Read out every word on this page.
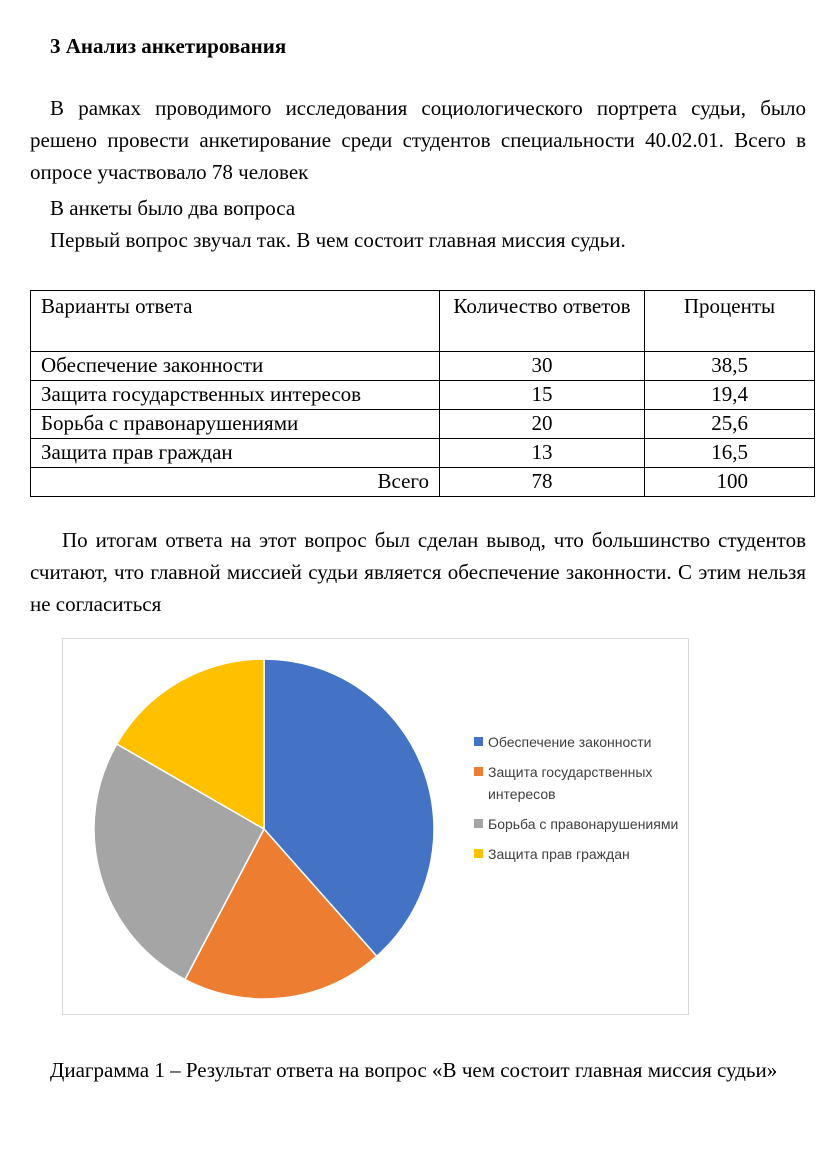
3 Анализ анкетирования
В рамках проводимого исследования социологического портрета судьи, было решено провести анкетирование среди студентов специальности 40.02.01. Всего в опросе участвовало 78 человек
В анкеты было два вопроса
Первый вопрос звучал так. В чем состоит главная миссия судьи.
Варианты ответа	Количество ответов	Проценты
Обеспечение законности	30	38,5
Защита государственных интересов	15	19,4
Борьба с правонарушениями	20	25,6
Защита прав граждан	13	16,5
Всего	78	100
По итогам ответа на этот вопрос был сделан вывод, что большинство студентов считают, что главной миссией судьи является обеспечение законности. С этим нельзя не согласиться
Обеспечение законности
Защита государственных интересов
Борьба с правонарушениями
Защита прав граждан
Диаграмма 1 – Результат ответа на вопрос «В чем состоит главная миссия судьи»
